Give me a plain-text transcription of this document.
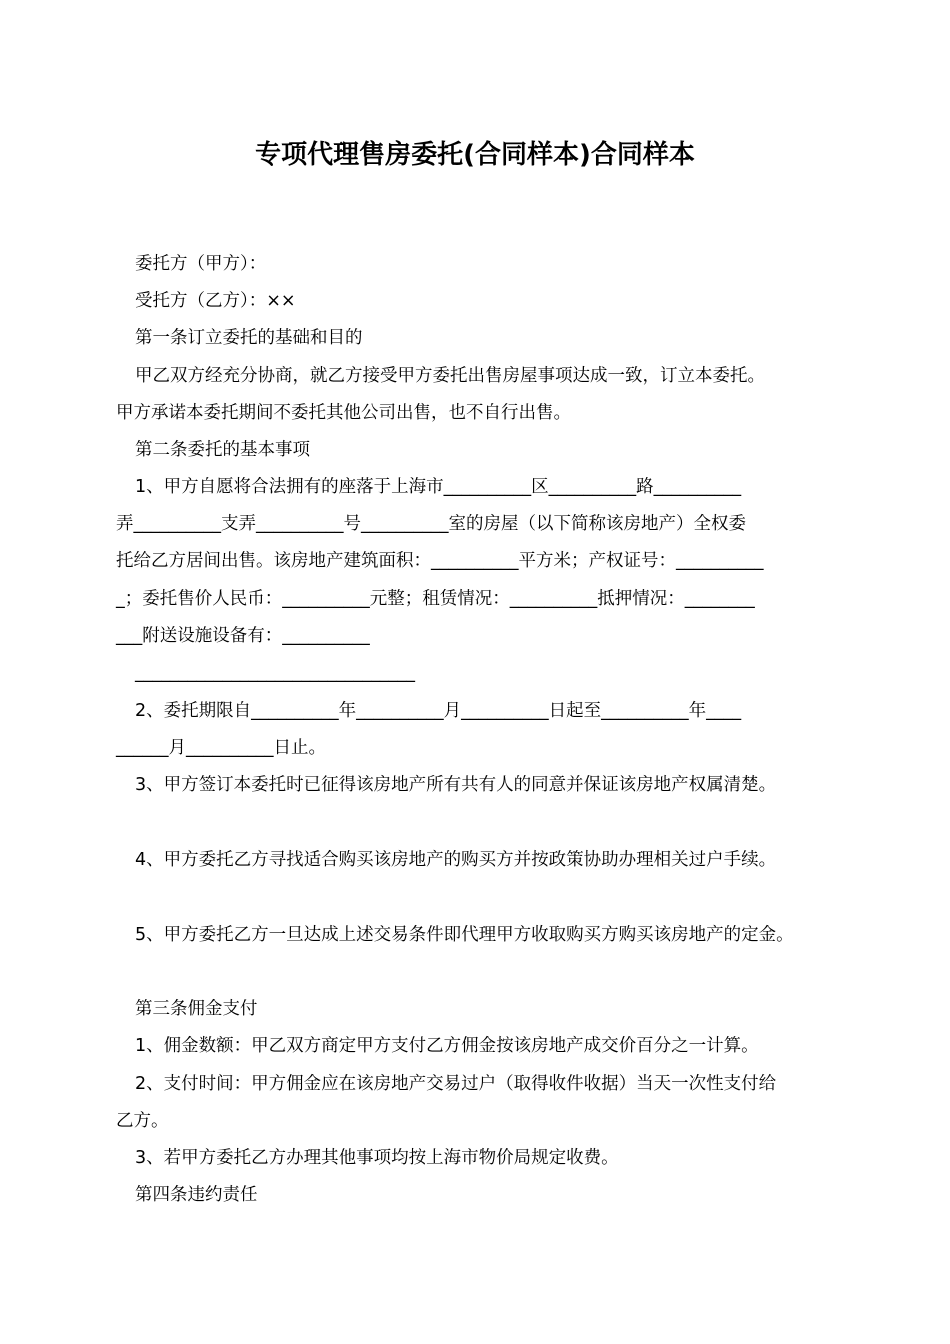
专项代理售房委托(合同样本)合同样本
委托方（甲方）：
受托方（乙方）：××
第一条订立委托的基础和目的
甲乙双方经充分协商，就乙方接受甲方委托出售房屋事项达成一致，订立本委托。
甲方承诺本委托期间不委托其他公司出售，也不自行出售。
第二条委托的基本事项
1、甲方自愿将合法拥有的座落于上海市__________区__________路__________
弄__________支弄__________号__________室的房屋（以下简称该房地产）全权委
托给乙方居间出售。该房地产建筑面积：__________平方米；产权证号：__________
_；委托售价人民币：__________元整；租赁情况：__________抵押情况：________
___附送设施设备有：__________
________________________________
2、委托期限自__________年__________月__________日起至__________年____
______月__________日止。
3、甲方签订本委托时已征得该房地产所有共有人的同意并保证该房地产权属清楚。
4、甲方委托乙方寻找适合购买该房地产的购买方并按政策协助办理相关过户手续。
5、甲方委托乙方一旦达成上述交易条件即代理甲方收取购买方购买该房地产的定金。
第三条佣金支付
1、佣金数额：甲乙双方商定甲方支付乙方佣金按该房地产成交价百分之一计算。
2、支付时间：甲方佣金应在该房地产交易过户（取得收件收据）当天一次性支付给
乙方。
3、若甲方委托乙方办理其他事项均按上海市物价局规定收费。
第四条违约责任
